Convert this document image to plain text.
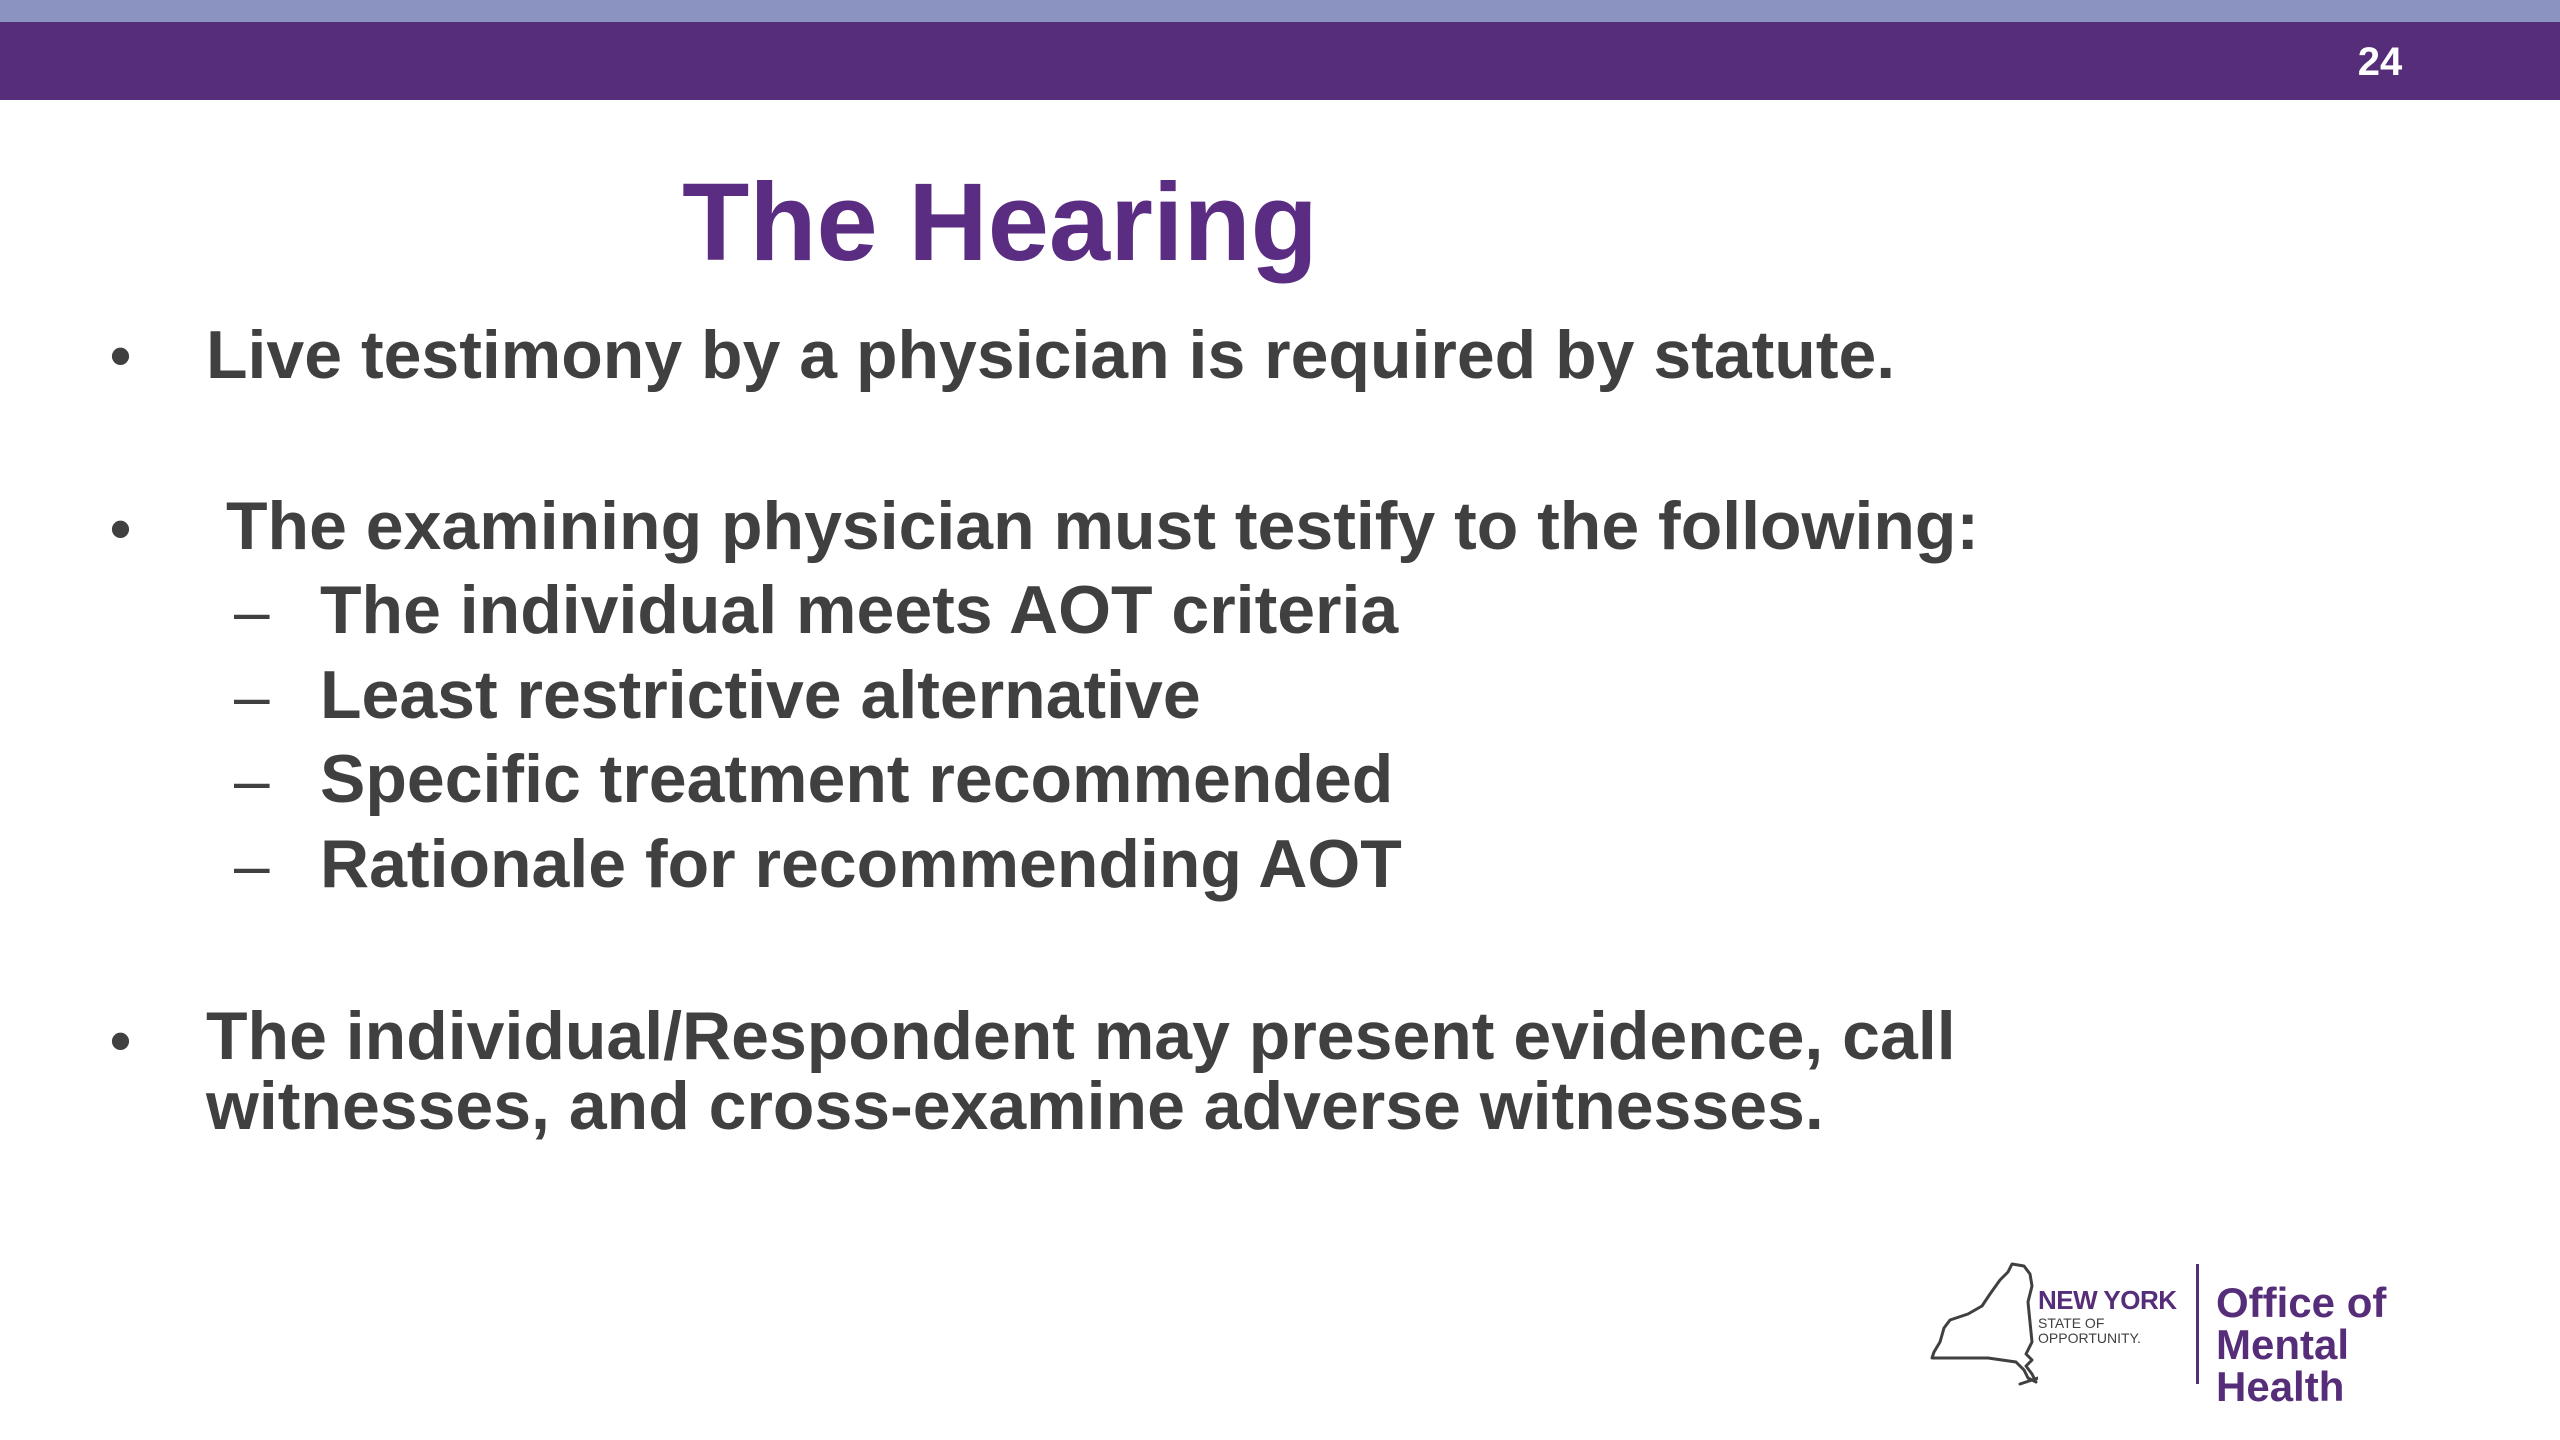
24
The Hearing
• Live testimony by a physician is required by statute.
• The examining physician must testify to the following:
– The individual meets AOT criteria
– Least restrictive alternative
– Specific treatment recommended
– Rationale for recommending AOT
• The individual/Respondent may present evidence, call
witnesses, and cross-examine adverse witnesses.
NEW YORK
STATE OF OPPORTUNITY.
Office of Mental Health
